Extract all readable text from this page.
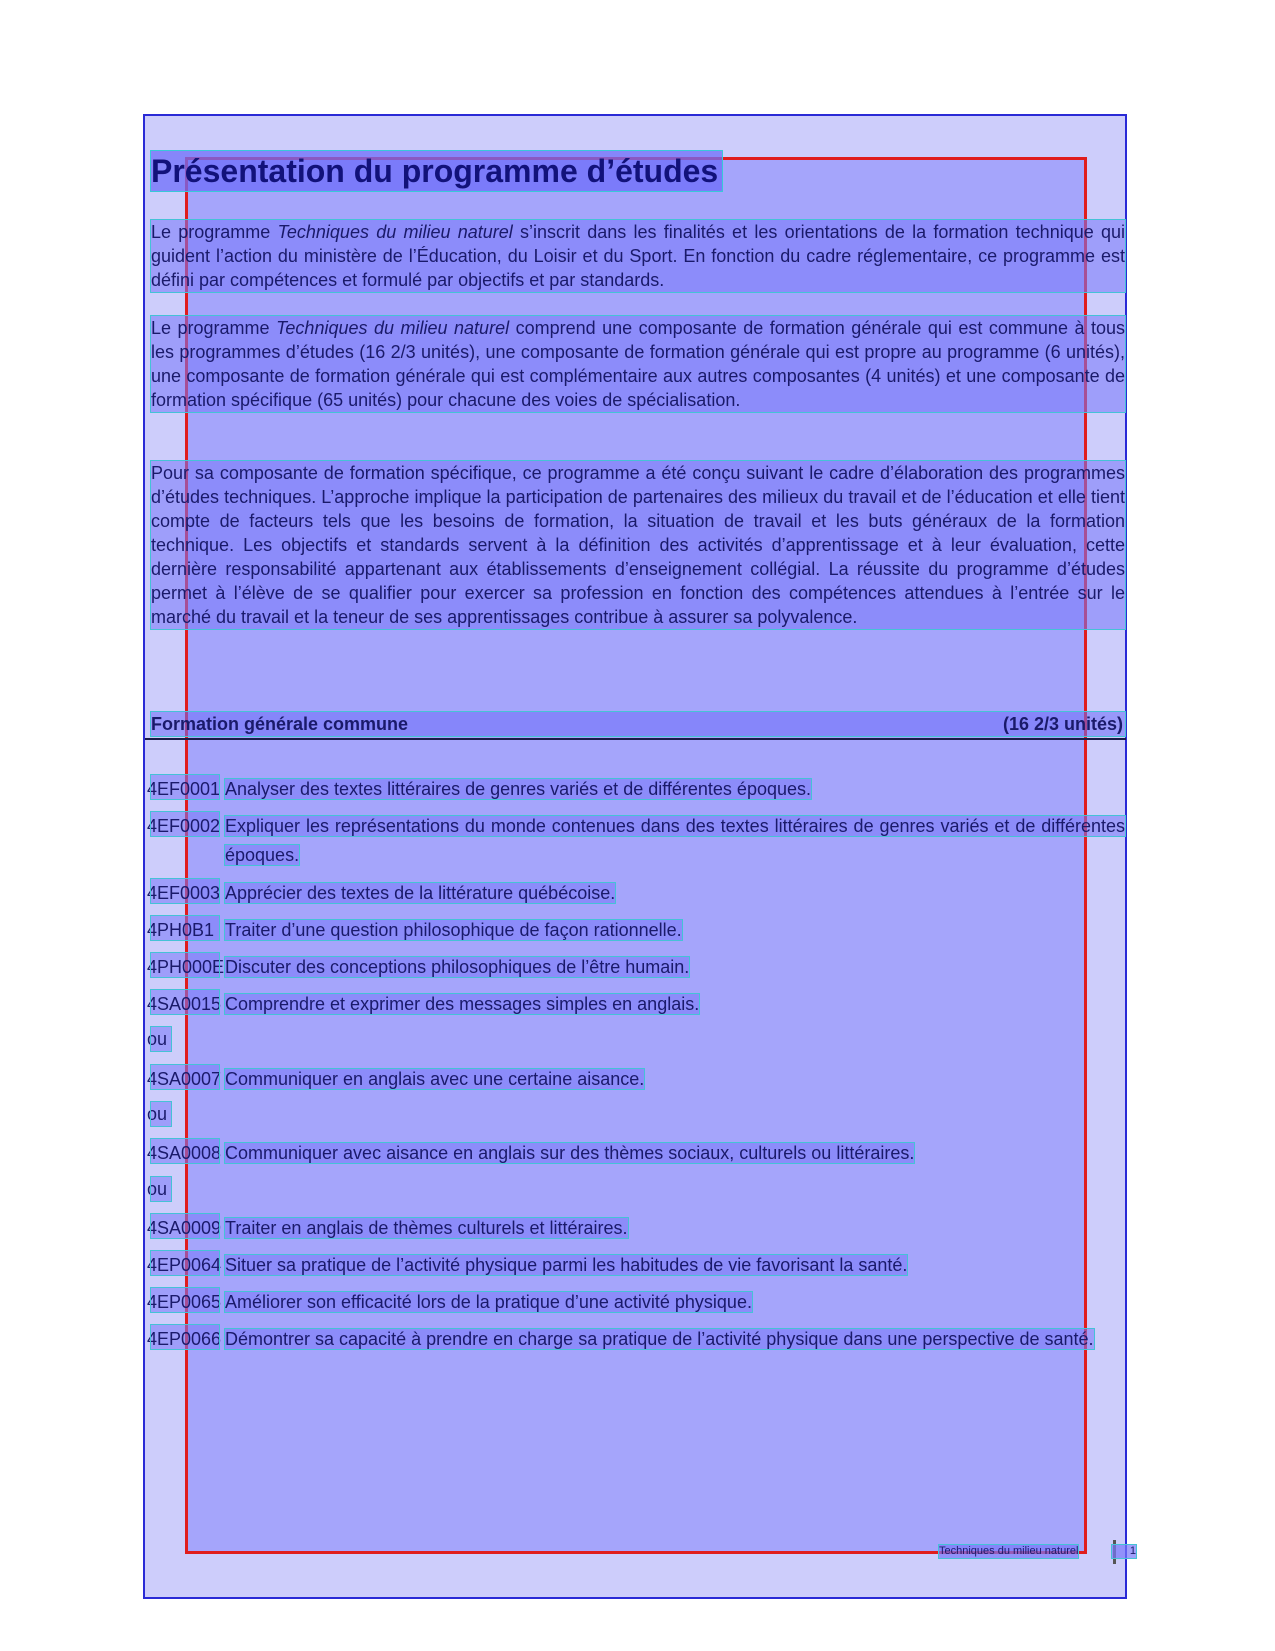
Présentation du programme d’études

Le programme Techniques du milieu naturel s’inscrit dans les finalités et les orientations de la formation technique qui guident l’action du ministère de l’Éducation, du Loisir et du Sport. En fonction du cadre réglementaire, ce programme est défini par compétences et formulé par objectifs et par standards.

Le programme Techniques du milieu naturel comprend une composante de formation générale qui est commune à tous les programmes d’études (16 2/3 unités), une composante de formation générale qui est propre au programme (6 unités), une composante de formation générale qui est complémentaire aux autres composantes (4 unités) et une composante de formation spécifique (65 unités) pour chacune des voies de spécialisation.

Pour sa composante de formation spécifique, ce programme a été conçu suivant le cadre d’élaboration des programmes d’études techniques. L’approche implique la participation de partenaires des milieux du travail et de l’éducation et elle tient compte de facteurs tels que les besoins de formation, la situation de travail et les buts généraux de la formation technique. Les objectifs et standards servent à la définition des activités d’apprentissage et à leur évaluation, cette dernière responsabilité appartenant aux établissements d’enseignement collégial. La réussite du programme d’études permet à l’élève de se qualifier pour exercer sa profession en fonction des compétences attendues à l’entrée sur le marché du travail et la teneur de ses apprentissages contribue à assurer sa polyvalence.

Formation générale commune	(16 2/3 unités)
4EF0001 Analyser des textes littéraires de genres variés et de différentes époques.
4EF0002 Expliquer les représentations du monde contenues dans des textes littéraires de genres variés et de différentes époques.
4EF0003 Apprécier des textes de la littérature québécoise.
4PH0B1 Traiter d’une question philosophique de façon rationnelle.
4PH000E Discuter des conceptions philosophiques de l’être humain.
4SA0015 Comprendre et exprimer des messages simples en anglais.
ou
4SA0007 Communiquer en anglais avec une certaine aisance.
ou
4SA0008 Communiquer avec aisance en anglais sur des thèmes sociaux, culturels ou littéraires.
ou
4SA0009 Traiter en anglais de thèmes culturels et littéraires.
4EP0064 Situer sa pratique de l’activité physique parmi les habitudes de vie favorisant la santé.
4EP0065 Améliorer son efficacité lors de la pratique d’une activité physique.
4EP0066 Démontrer sa capacité à prendre en charge sa pratique de l’activité physique dans une perspective de santé.
Techniques du milieu naturel	1
